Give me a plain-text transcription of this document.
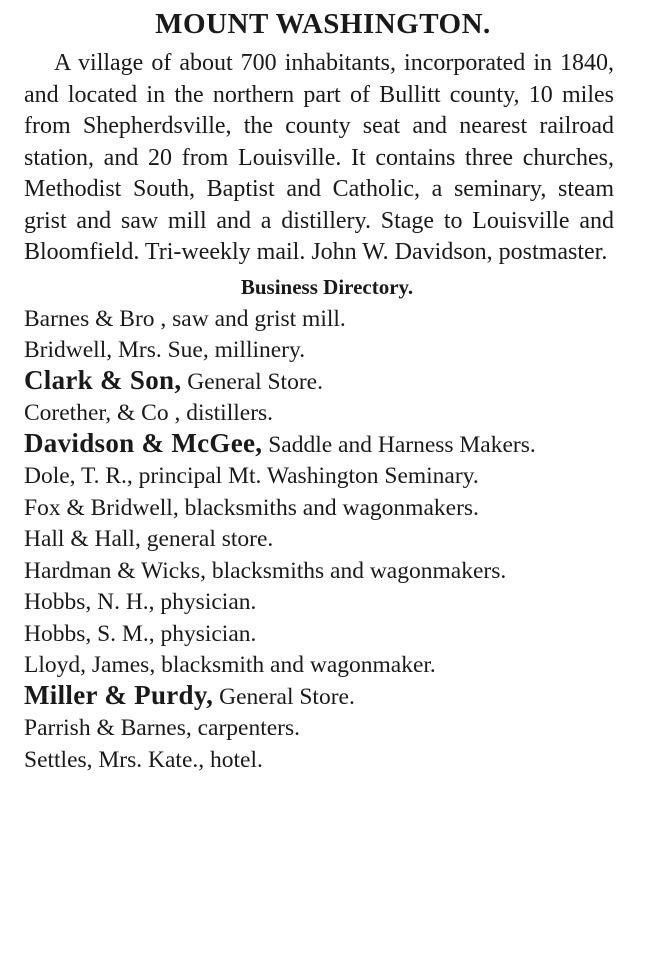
MOUNT WASHINGTON.

A village of about 700 inhabitants, incorporated in 1840, and located in the northern part of Bullitt county, 10 miles from Shepherdsville, the county seat and nearest railroad station, and 20 from Louisville. It contains three churches, Methodist South, Baptist and Catholic, a seminary, steam grist and saw mill and a distillery. Stage to Louisville and Bloomfield. Tri-weekly mail. John W. Davidson, postmaster.

Business Directory.
Barnes & Bro , saw and grist mill.
Bridwell, Mrs. Sue, millinery.
Clark & Son, General Store.
Corether, & Co , distillers.
Davidson & McGee, Saddle and Harness Makers.
Dole, T. R., principal Mt. Washington Seminary.
Fox & Bridwell, blacksmiths and wagonmakers.
Hall & Hall, general store.
Hardman & Wicks, blacksmiths and wagonmakers.
Hobbs, N. H., physician.
Hobbs, S. M., physician.
Lloyd, James, blacksmith and wagonmaker.
Miller & Purdy, General Store.
Parrish & Barnes, carpenters.
Settles, Mrs. Kate., hotel.
